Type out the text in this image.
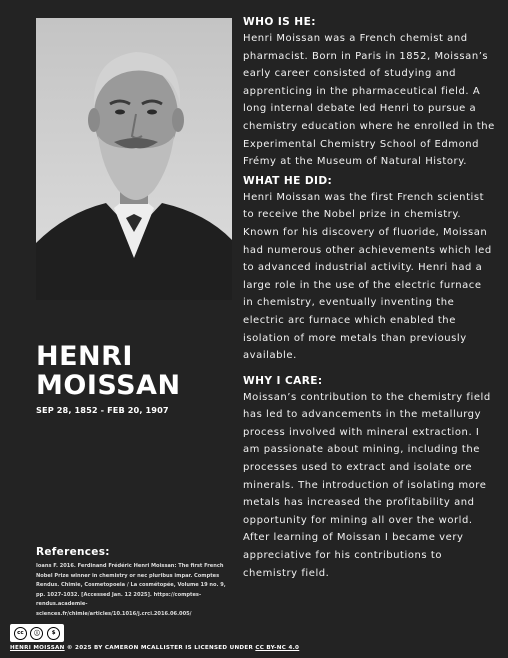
HENRI
MOISSAN
SEP 28, 1852 - FEB 20, 1907
References:
Ioans F. 2016. Ferdinand Frédéric Henri Moissan: The first French Nobel Prize winner in chemistry or nec pluribus impar. Comptes Rendus. Chimie, Cosmetopoeia / La cosmétopée, Volume 19 no. 9, pp. 1027-1032. [Accessed Jan. 12 2025]. https://comptes-rendus.academie-sciences.fr/chimie/articles/10.1016/j.crci.2016.06.005/
WHO IS HE:

Henri Moissan was a French chemist and pharmacist. Born in Paris in 1852, Moissan’s early career consisted of studying and apprenticing in the pharmaceutical field. A long internal debate led Henri to pursue a chemistry education where he enrolled in the Experimental Chemistry School of Edmond Frémy at the Museum of Natural History.

WHAT HE DID:

Henri Moissan was the first French scientist to receive the Nobel prize in chemistry. Known for his discovery of fluoride, Moissan had numerous other achievements which led to advanced industrial activity. Henri had a large role in the use of the electric furnace in chemistry, eventually inventing the electric arc furnace which enabled the isolation of more metals than previously available.

WHY I CARE:

Moissan’s contribution to the chemistry field has led to advancements in the metallurgy process involved with mineral extraction. I am passionate about mining, including the processes used to extract and isolate ore minerals. The introduction of isolating more metals has increased the profitability and opportunity for mining all over the world. After learning of Moissan I became very appreciative for his contributions to chemistry field.

cc	ⓘ	$
HENRI MOISSAN © 2025 BY CAMERON MCALLISTER IS LICENSED UNDER CC BY-NC 4.0
